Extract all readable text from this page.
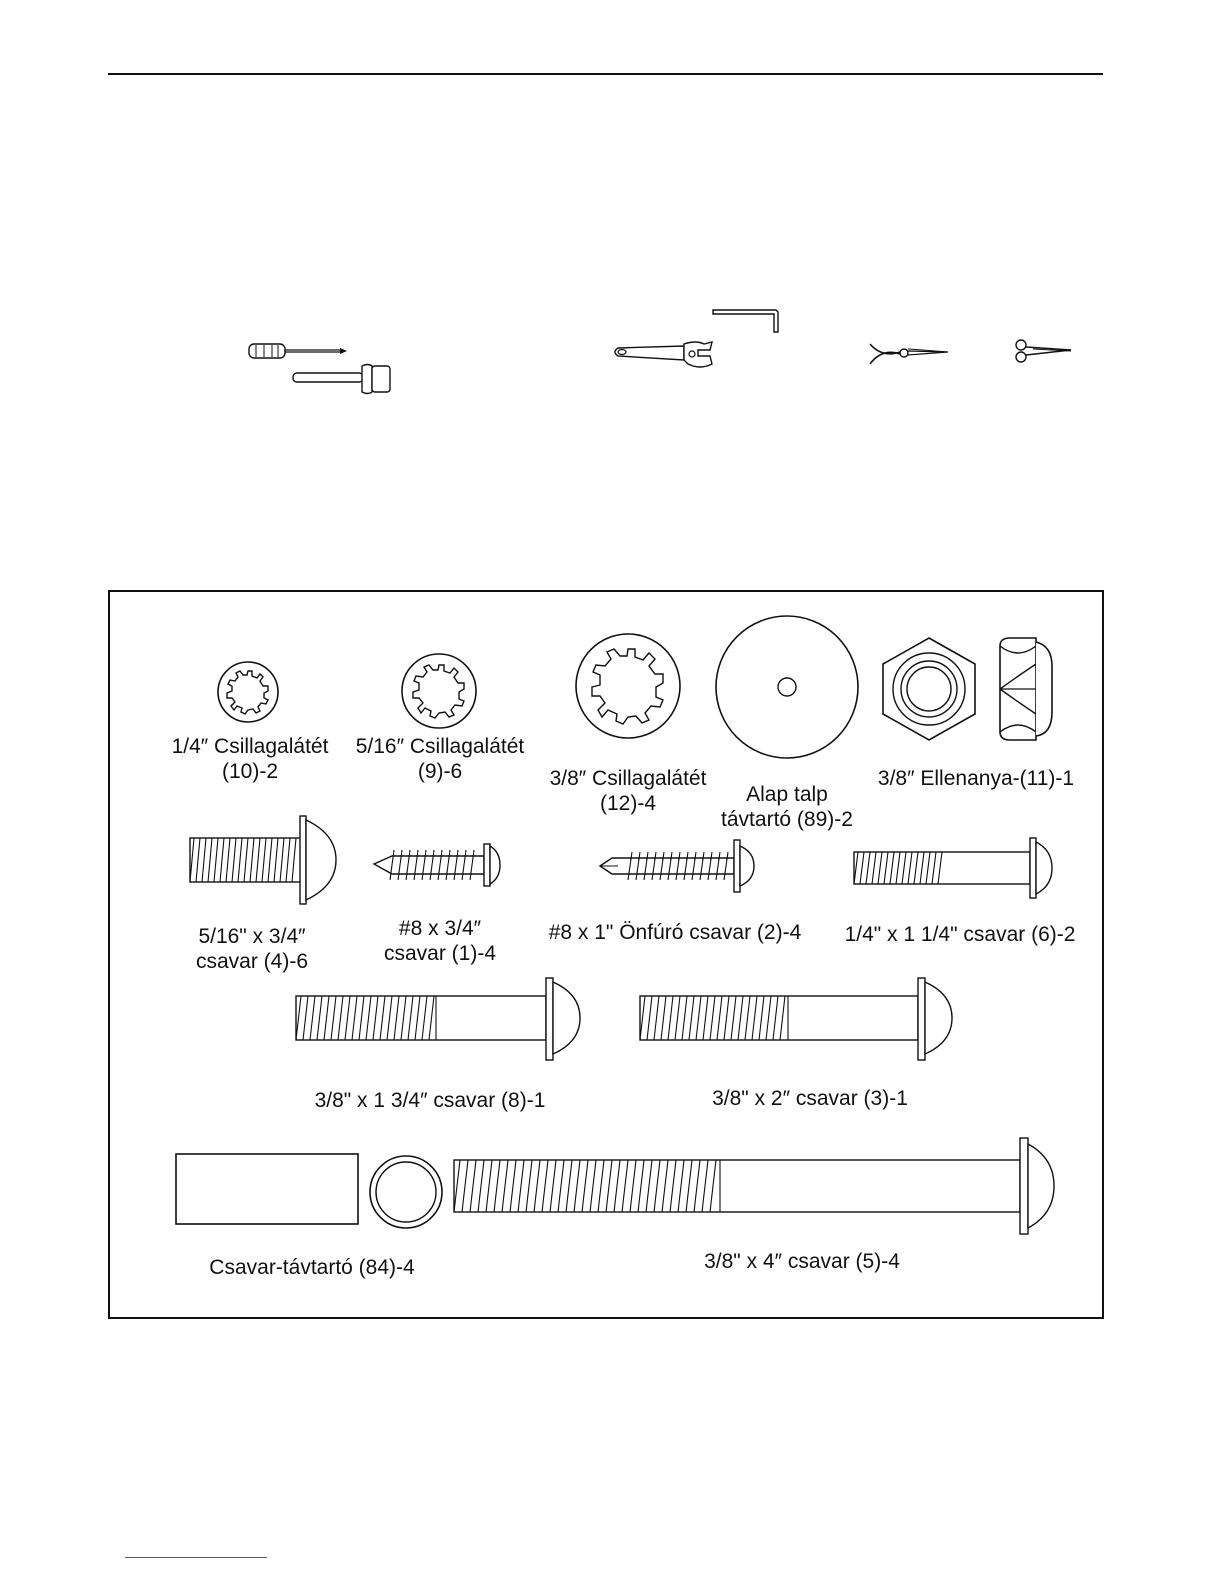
1/4″ Csillagalátét
(10)-2
5/16″ Csillagalátét
(9)-6	3/8″ Csillagalátét
(12)-4	Alap talp
távtartó (89)-2
3/8″ Ellenanya-(11)-1
5/16" x 3/4″
csavar (4)-6
#8 x 3/4″
csavar (1)-4
#8 x 1" Önfúró csavar (2)-4	1/4" x 1 1/4" csavar (6)-2
3/8" x 1 3/4″ csavar (8)-1	3/8" x 2″ csavar (3)-1
Csavar-távtartó (84)-4	3/8" x 4″ csavar (5)-4
